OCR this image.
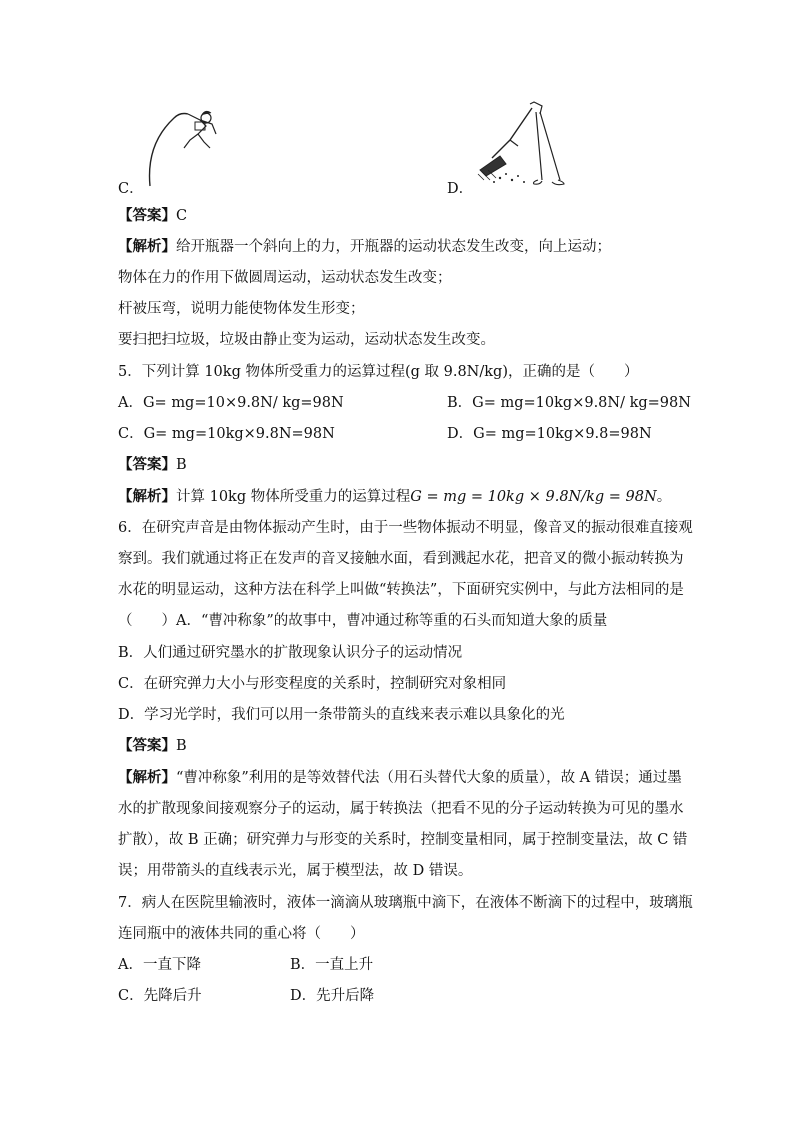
C．	D．
【答案】C
【解析】给开瓶器一个斜向上的力，开瓶器的运动状态发生改变，向上运动；
物体在力的作用下做圆周运动，运动状态发生改变；
杆被压弯，说明力能使物体发生形变；
要扫把扫垃圾，垃圾由静止变为运动，运动状态发生改变。
5．下列计算 10kg 物体所受重力的运算过程(g 取 9.8N/kg)，正确的是（　　）
A．G= mg=10×9.8N/ kg=98N	B．G= mg=10kg×9.8N/ kg=98N
C．G= mg=10kg×9.8N=98N	D．G= mg=10kg×9.8=98N
【答案】B
【解析】计算 10kg 物体所受重力的运算过程G = mg = 10kg × 9.8N/kg = 98N。
6．在研究声音是由物体振动产生时，由于一些物体振动不明显，像音叉的振动很难直接观
察到。我们就通过将正在发声的音叉接触水面，看到溅起水花，把音叉的微小振动转换为
水花的明显运动，这种方法在科学上叫做“转换法”，下面研究实例中，与此方法相同的是
（　　）A．“曹冲称象”的故事中，曹冲通过称等重的石头而知道大象的质量
B．人们通过研究墨水的扩散现象认识分子的运动情况
C．在研究弹力大小与形变程度的关系时，控制研究对象相同
D．学习光学时，我们可以用一条带箭头的直线来表示难以具象化的光
【答案】B
【解析】“曹冲称象”利用的是等效替代法（用石头替代大象的质量），故 A 错误；通过墨
水的扩散现象间接观察分子的运动，属于转换法（把看不见的分子运动转换为可见的墨水
扩散），故 B 正确；研究弹力与形变的关系时，控制变量相同，属于控制变量法，故 C 错
误；用带箭头的直线表示光，属于模型法，故 D 错误。
7．病人在医院里输液时，液体一滴滴从玻璃瓶中滴下，在液体不断滴下的过程中，玻璃瓶
连同瓶中的液体共同的重心将（　　）
A．一直下降	B．一直上升
C．先降后升	D．先升后降
